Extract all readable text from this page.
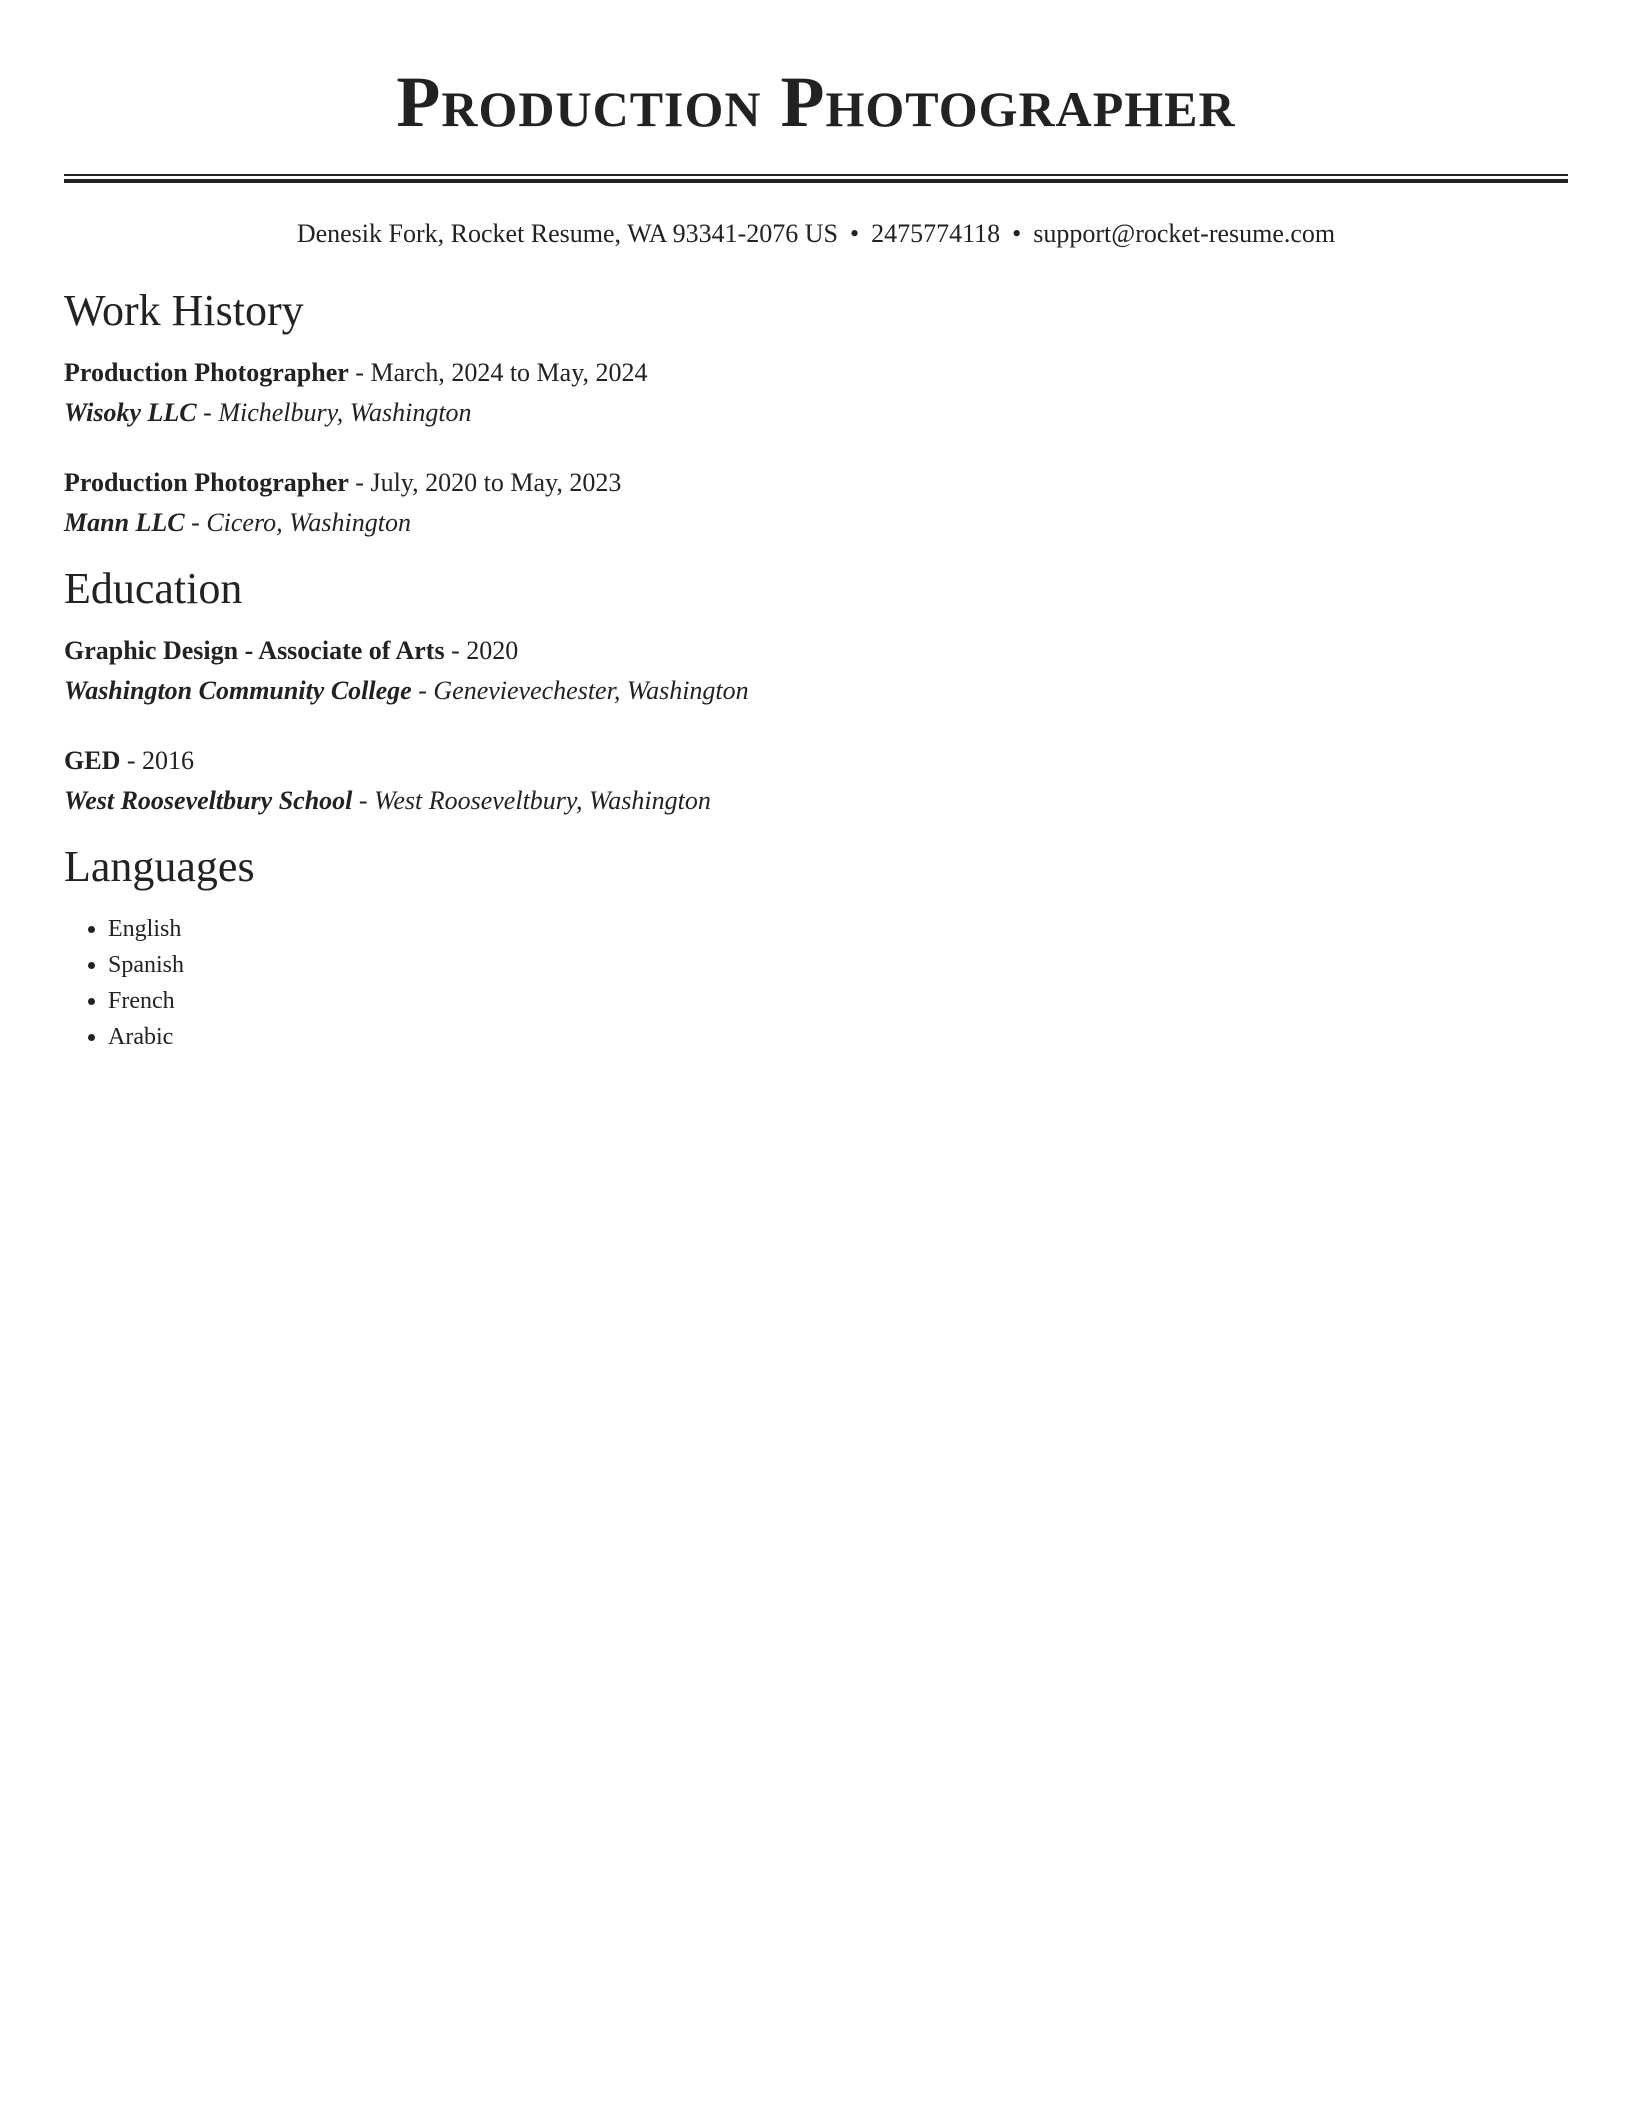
Production Photographer
Denesik Fork, Rocket Resume, WA 93341-2076 US • 2475774118 • support@rocket-resume.com
Work History
Production Photographer - March, 2024 to May, 2024
Wisoky LLC - Michelbury, Washington
Production Photographer - July, 2020 to May, 2023
Mann LLC - Cicero, Washington
Education
Graphic Design - Associate of Arts - 2020
Washington Community College - Genevievechester, Washington
GED - 2016
West Rooseveltbury School - West Rooseveltbury, Washington
Languages
• English
• Spanish
• French
• Arabic
